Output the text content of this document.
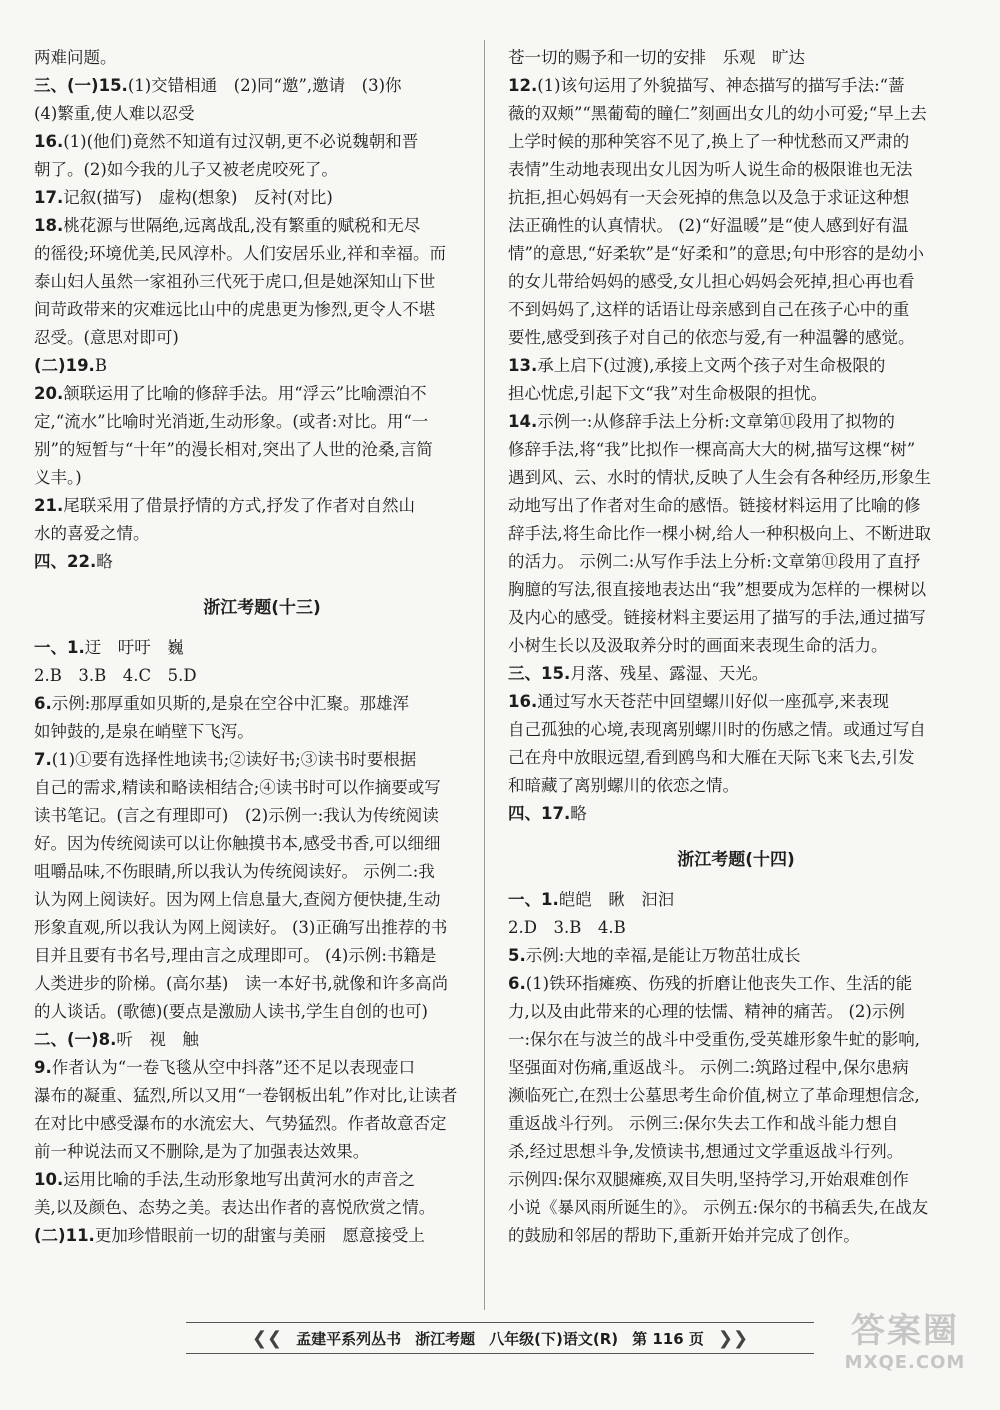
两难问题。
三、(一)15.(1)交错相通　(2)同“邀”,邀请　(3)你
(4)繁重,使人难以忍受
16.(1)(他们)竟然不知道有过汉朝,更不必说魏朝和晋
朝了。(2)如今我的儿子又被老虎咬死了。
17.记叙(描写)　虚构(想象)　反衬(对比)
18.桃花源与世隔绝,远离战乱,没有繁重的赋税和无尽
的徭役;环境优美,民风淳朴。人们安居乐业,祥和幸福。而
泰山妇人虽然一家祖孙三代死于虎口,但是她深知山下世
间苛政带来的灾难远比山中的虎患更为惨烈,更令人不堪
忍受。(意思对即可)
(二)19.B
20.颔联运用了比喻的修辞手法。用“浮云”比喻漂泊不
定,“流水”比喻时光消逝,生动形象。(或者:对比。用“一
别”的短暂与“十年”的漫长相对,突出了人世的沧桑,言简
义丰。)
21.尾联采用了借景抒情的方式,抒发了作者对自然山
水的喜爱之情。
四、22.略
浙江考题(十三)
一、1.迂　吁吁　巍
2.B　3.B　4.C　5.D
6.示例:那厚重如贝斯的,是泉在空谷中汇聚。那雄浑
如钟鼓的,是泉在峭壁下飞泻。
7.(1)①要有选择性地读书;②读好书;③读书时要根据
自己的需求,精读和略读相结合;④读书时可以作摘要或写
读书笔记。(言之有理即可)　(2)示例一:我认为传统阅读
好。因为传统阅读可以让你触摸书本,感受书香,可以细细
咀嚼品味,不伤眼睛,所以我认为传统阅读好。 示例二:我
认为网上阅读好。因为网上信息量大,查阅方便快捷,生动
形象直观,所以我认为网上阅读好。 (3)正确写出推荐的书
目并且要有书名号,理由言之成理即可。 (4)示例:书籍是
人类进步的阶梯。(高尔基)　读一本好书,就像和许多高尚
的人谈话。(歌德)(要点是激励人读书,学生自创的也可)
二、(一)8.听　视　触
9.作者认为“一卷飞毯从空中抖落”还不足以表现壶口
瀑布的凝重、猛烈,所以又用“一卷钢板出轧”作对比,让读者
在对比中感受瀑布的水流宏大、气势猛烈。作者故意否定
前一种说法而又不删除,是为了加强表达效果。
10.运用比喻的手法,生动形象地写出黄河水的声音之
美,以及颜色、态势之美。表达出作者的喜悦欣赏之情。
(二)11.更加珍惜眼前一切的甜蜜与美丽　愿意接受上
苍一切的赐予和一切的安排　乐观　旷达
12.(1)该句运用了外貌描写、神态描写的描写手法:“蔷
薇的双颊”“黑葡萄的瞳仁”刻画出女儿的幼小可爱;“早上去
上学时候的那种笑容不见了,换上了一种忧愁而又严肃的
表情”生动地表现出女儿因为听人说生命的极限谁也无法
抗拒,担心妈妈有一天会死掉的焦急以及急于求证这种想
法正确性的认真情状。 (2)“好温暖”是“使人感到好有温
情”的意思,“好柔软”是“好柔和”的意思;句中形容的是幼小
的女儿带给妈妈的感受,女儿担心妈妈会死掉,担心再也看
不到妈妈了,这样的话语让母亲感到自己在孩子心中的重
要性,感受到孩子对自己的依恋与爱,有一种温馨的感觉。
13.承上启下(过渡),承接上文两个孩子对生命极限的
担心忧虑,引起下文“我”对生命极限的担忧。
14.示例一:从修辞手法上分析:文章第⑪段用了拟物的
修辞手法,将“我”比拟作一棵高高大大的树,描写这棵“树”
遇到风、云、水时的情状,反映了人生会有各种经历,形象生
动地写出了作者对生命的感悟。链接材料运用了比喻的修
辞手法,将生命比作一棵小树,给人一种积极向上、不断进取
的活力。 示例二:从写作手法上分析:文章第⑪段用了直抒
胸臆的写法,很直接地表达出“我”想要成为怎样的一棵树以
及内心的感受。链接材料主要运用了描写的手法,通过描写
小树生长以及汲取养分时的画面来表现生命的活力。
三、15.月落、残星、露湿、天光。
16.通过写水天苍茫中回望螺川好似一座孤亭,来表现
自己孤独的心境,表现离别螺川时的伤感之情。或通过写自
己在舟中放眼远望,看到鸥鸟和大雁在天际飞来飞去,引发
和暗藏了离别螺川的依恋之情。
四、17.略
浙江考题(十四)
一、1.皑皑　瞅　汩汩
2.D　3.B　4.B
5.示例:大地的幸福,是能让万物茁壮成长
6.(1)铁环指瘫痪、伤残的折磨让他丧失工作、生活的能
力,以及由此带来的心理的怯懦、精神的痛苦。 (2)示例
一:保尔在与波兰的战斗中受重伤,受英雄形象牛虻的影响,
坚强面对伤痛,重返战斗。 示例二:筑路过程中,保尔患病
濒临死亡,在烈士公墓思考生命价值,树立了革命理想信念,
重返战斗行列。 示例三:保尔失去工作和战斗能力想自
杀,经过思想斗争,发愤读书,想通过文学重返战斗行列。
示例四:保尔双腿瘫痪,双目失明,坚持学习,开始艰难创作
小说《暴风雨所诞生的》。 示例五:保尔的书稿丢失,在战友
的鼓励和邻居的帮助下,重新开始并完成了创作。
❮❮ 孟建平系列丛书 浙江考题 八年级(下)语文(R) 第 116 页 ❯❯	答案圈
MXQE.COM
